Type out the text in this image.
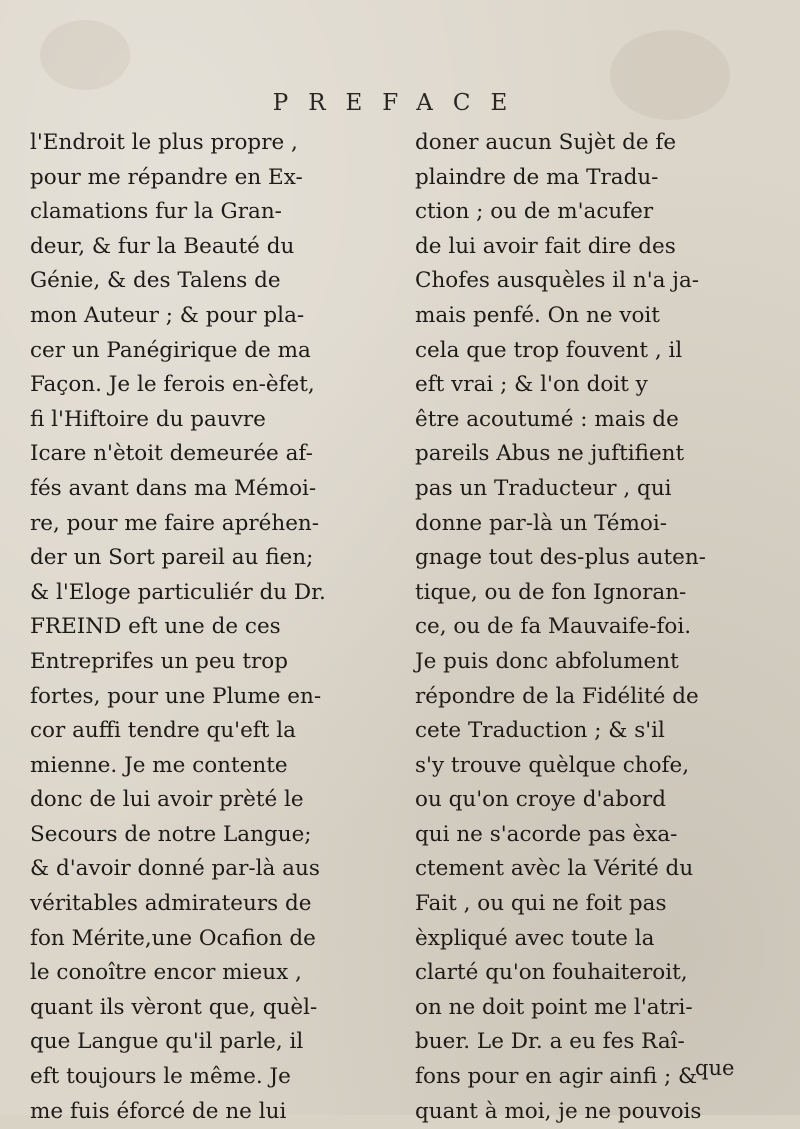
PREFACE
l'Endroit le plus propre ,
pour me répandre en Ex-
clamations fur la Gran-
deur, & fur la Beauté du
Génie, & des Talens de
mon Auteur ; & pour pla-
cer un Panégirique de ma
Façon. Je le ferois en-èfet,
fi l'Hiftoire du pauvre
Icare n'ètoit demeurée af-
fés avant dans ma Mémoi-
re, pour me faire apréhen-
der un Sort pareil au fien;
& l'Eloge particuliér du Dr.
FREIND eft une de ces
Entreprifes un peu trop
fortes, pour une Plume en-
cor auffi tendre qu'eft la
mienne. Je me contente
donc de lui avoir prèté le
Secours de notre Langue;
& d'avoir donné par-là aus
véritables admirateurs de
fon Mérite,une Ocafion de
le conoître encor mieux ,
quant ils vèront que, quèl-
que Langue qu'il parle, il
eft toujours le même. Je
me fuis éforcé de ne lui
doner aucun Sujèt de fe
plaindre de ma Tradu-
ction ; ou de m'acufer
de lui avoir fait dire des
Chofes ausquèles il n'a ja-
mais penfé. On ne voit
cela que trop fouvent , il
eft vrai ; & l'on doit y
être acoutumé : mais de
pareils Abus ne juftifient
pas un Traducteur , qui
donne par-là un Témoi-
gnage tout des-plus auten-
tique, ou de fon Ignoran-
ce, ou de fa Mauvaife-foi.
Je puis donc abfolument
répondre de la Fidélité de
cete Traduction ; & s'il
s'y trouve quèlque chofe,
ou qu'on croye d'abord
qui ne s'acorde pas èxa-
ctement avèc la Vérité du
Fait , ou qui ne foit pas
èxpliqué avec toute la
clarté qu'on fouhaiteroit,
on ne doit point me l'atri-
buer. Le Dr. a eu fes Raî-
fons pour en agir ainfi ; &
quant à moi, je ne pouvois
que
